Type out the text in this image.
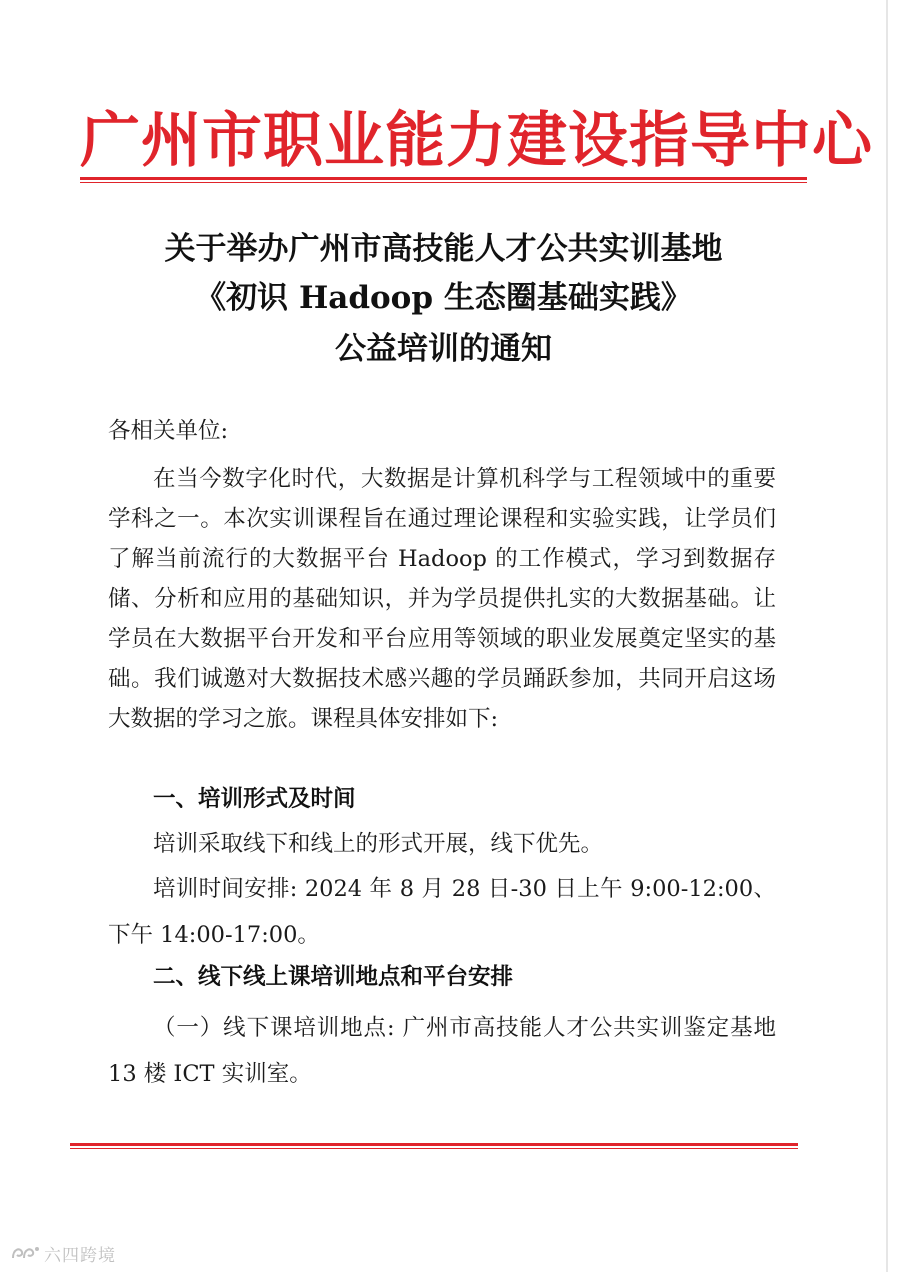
广州市职业能力建设指导中心
关于举办广州市高技能人才公共实训基地
《初识 Hadoop 生态圈基础实践》
公益培训的通知
各相关单位:
在当今数字化时代，大数据是计算机科学与工程领域中的重要学科之一。本次实训课程旨在通过理论课程和实验实践，让学员们了解当前流行的大数据平台 Hadoop 的工作模式，学习到数据存储、分析和应用的基础知识，并为学员提供扎实的大数据基础。让学员在大数据平台开发和平台应用等领域的职业发展奠定坚实的基础。我们诚邀对大数据技术感兴趣的学员踊跃参加，共同开启这场大数据的学习之旅。课程具体安排如下:
一、培训形式及时间
培训采取线下和线上的形式开展，线下优先。
培训时间安排: 2024 年 8 月 28 日-30 日上午 9:00-12:00、下午 14:00-17:00。
二、线下线上课培训地点和平台安排
（一）线下课培训地点: 广州市高技能人才公共实训鉴定基地 13 楼 ICT 实训室。
六四跨境
